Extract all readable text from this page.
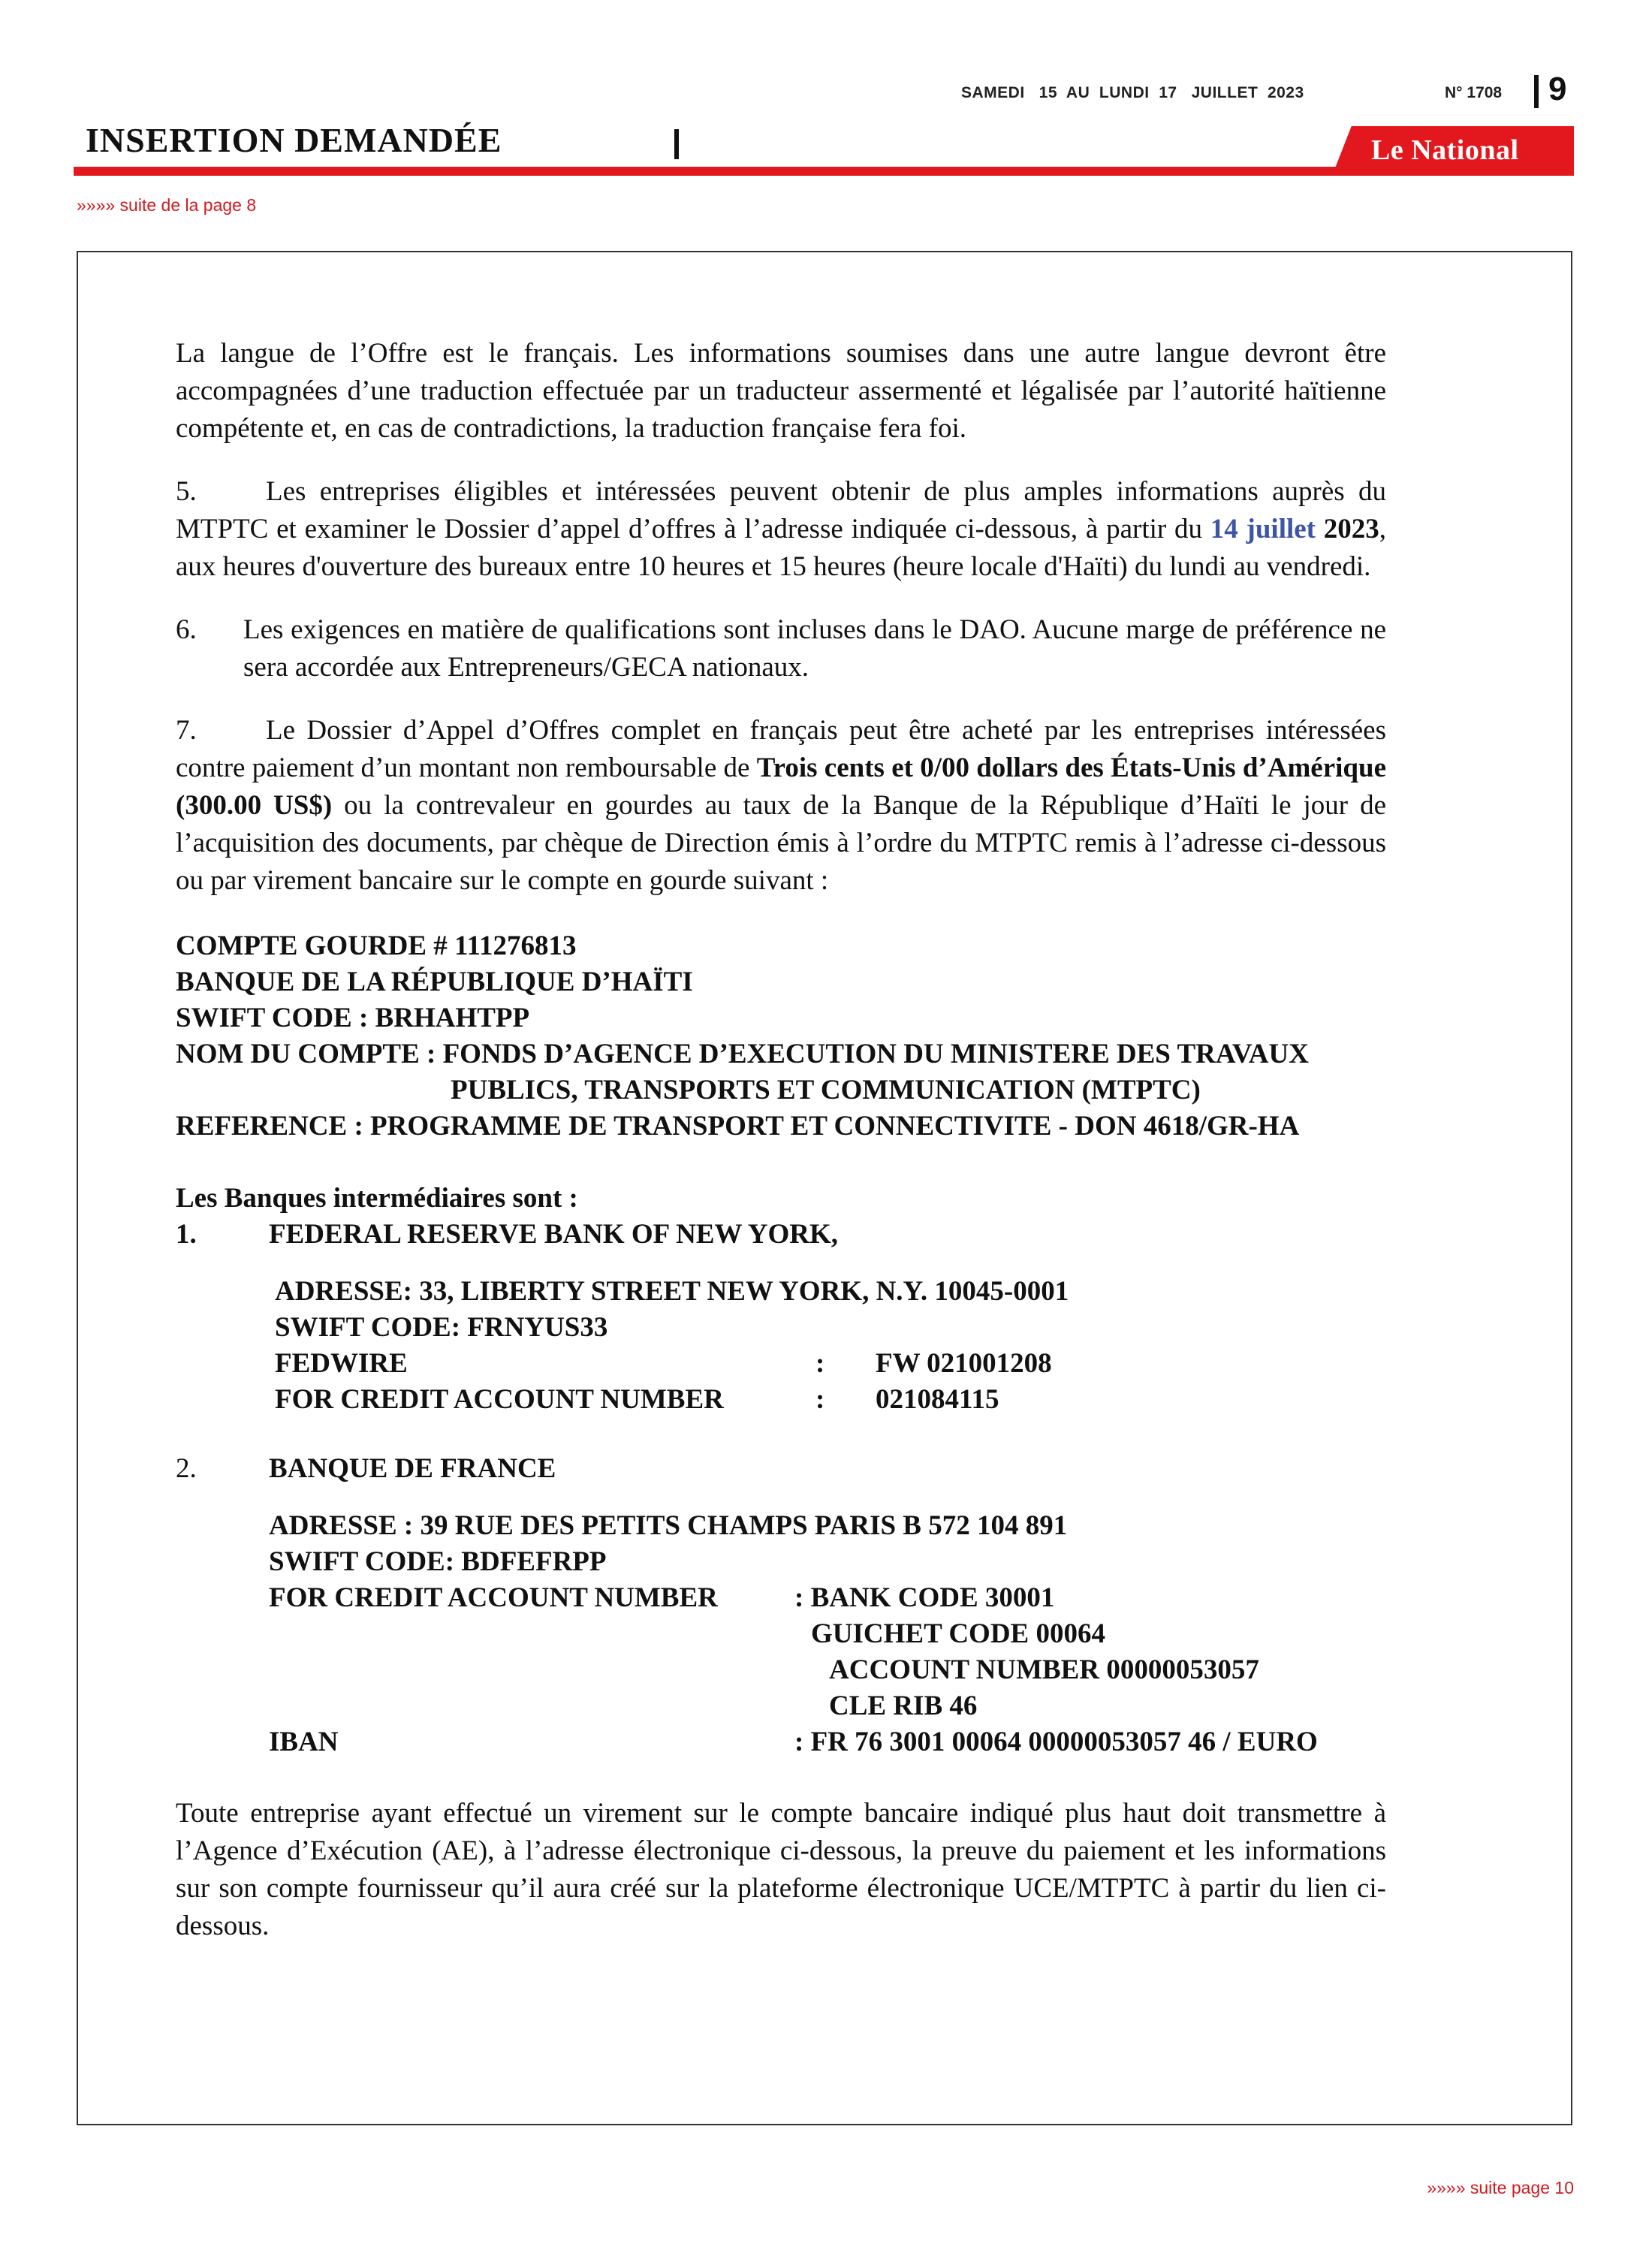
SAMEDI   15  AU  LUNDI  17   JUILLET  2023	N° 1708 9
INSERTION DEMANDÉE	Le National
»»»» suite de la page 8

La langue de l’Offre est le français. Les informations soumises dans une autre langue devront être accompagnées d’une traduction effectuée par un traducteur assermenté et légalisée par l’autorité haïtienne compétente et, en cas de contradictions, la traduction française fera foi.

5. Les entreprises éligibles et intéressées peuvent obtenir de plus amples informations auprès du MTPTC et examiner le Dossier d’appel d’offres à l’adresse indiquée ci-dessous, à partir du 14 juillet 2023, aux heures d'ouverture des bureaux entre 10 heures et 15 heures (heure locale d'Haïti) du lundi au vendredi.
6.	Les exigences en matière de qualifications sont incluses dans le DAO. Aucune marge de préférence ne sera accordée aux Entrepreneurs/GECA nationaux.
7. Le Dossier d’Appel d’Offres complet en français peut être acheté par les entreprises intéressées contre paiement d’un montant non remboursable de Trois cents et 0/00 dollars des États-Unis d’Amérique (300.00 US$) ou la contrevaleur en gourdes au taux de la Banque de la République d’Haïti le jour de l’acquisition des documents, par chèque de Direction émis à l’ordre du MTPTC remis à l’adresse ci-dessous ou par virement bancaire sur le compte en gourde suivant :
COMPTE GOURDE # 111276813
BANQUE DE LA RÉPUBLIQUE D’HAÏTI
SWIFT CODE : BRHAHTPP
NOM DU COMPTE : FONDS D’AGENCE D’EXECUTION DU MINISTERE DES TRAVAUX
PUBLICS, TRANSPORTS ET COMMUNICATION (MTPTC)
REFERENCE : PROGRAMME DE TRANSPORT ET CONNECTIVITE - DON 4618/GR-HA
Les Banques intermédiaires sont :
1.	FEDERAL RESERVE BANK OF NEW YORK,
ADRESSE: 33, LIBERTY STREET NEW YORK, N.Y. 10045-0001
SWIFT CODE: FRNYUS33
FEDWIRE	:	FW 021001208
FOR CREDIT ACCOUNT NUMBER	:	021084115
2.	BANQUE DE FRANCE
ADRESSE : 39 RUE DES PETITS CHAMPS PARIS B 572 104 891
SWIFT CODE: BDFEFRPP
FOR CREDIT ACCOUNT NUMBER	: BANK CODE 30001
GUICHET CODE 00064
ACCOUNT NUMBER 00000053057
CLE RIB 46
IBAN	: FR 76 3001 00064 00000053057 46 / EURO

Toute entreprise ayant effectué un virement sur le compte bancaire indiqué plus haut doit transmettre à l’Agence d’Exécution (AE), à l’adresse électronique ci-dessous, la preuve du paiement et les informations sur son compte fournisseur qu’il aura créé sur la plateforme électronique UCE/MTPTC à partir du lien ci-dessous.

»»»» suite page 10
